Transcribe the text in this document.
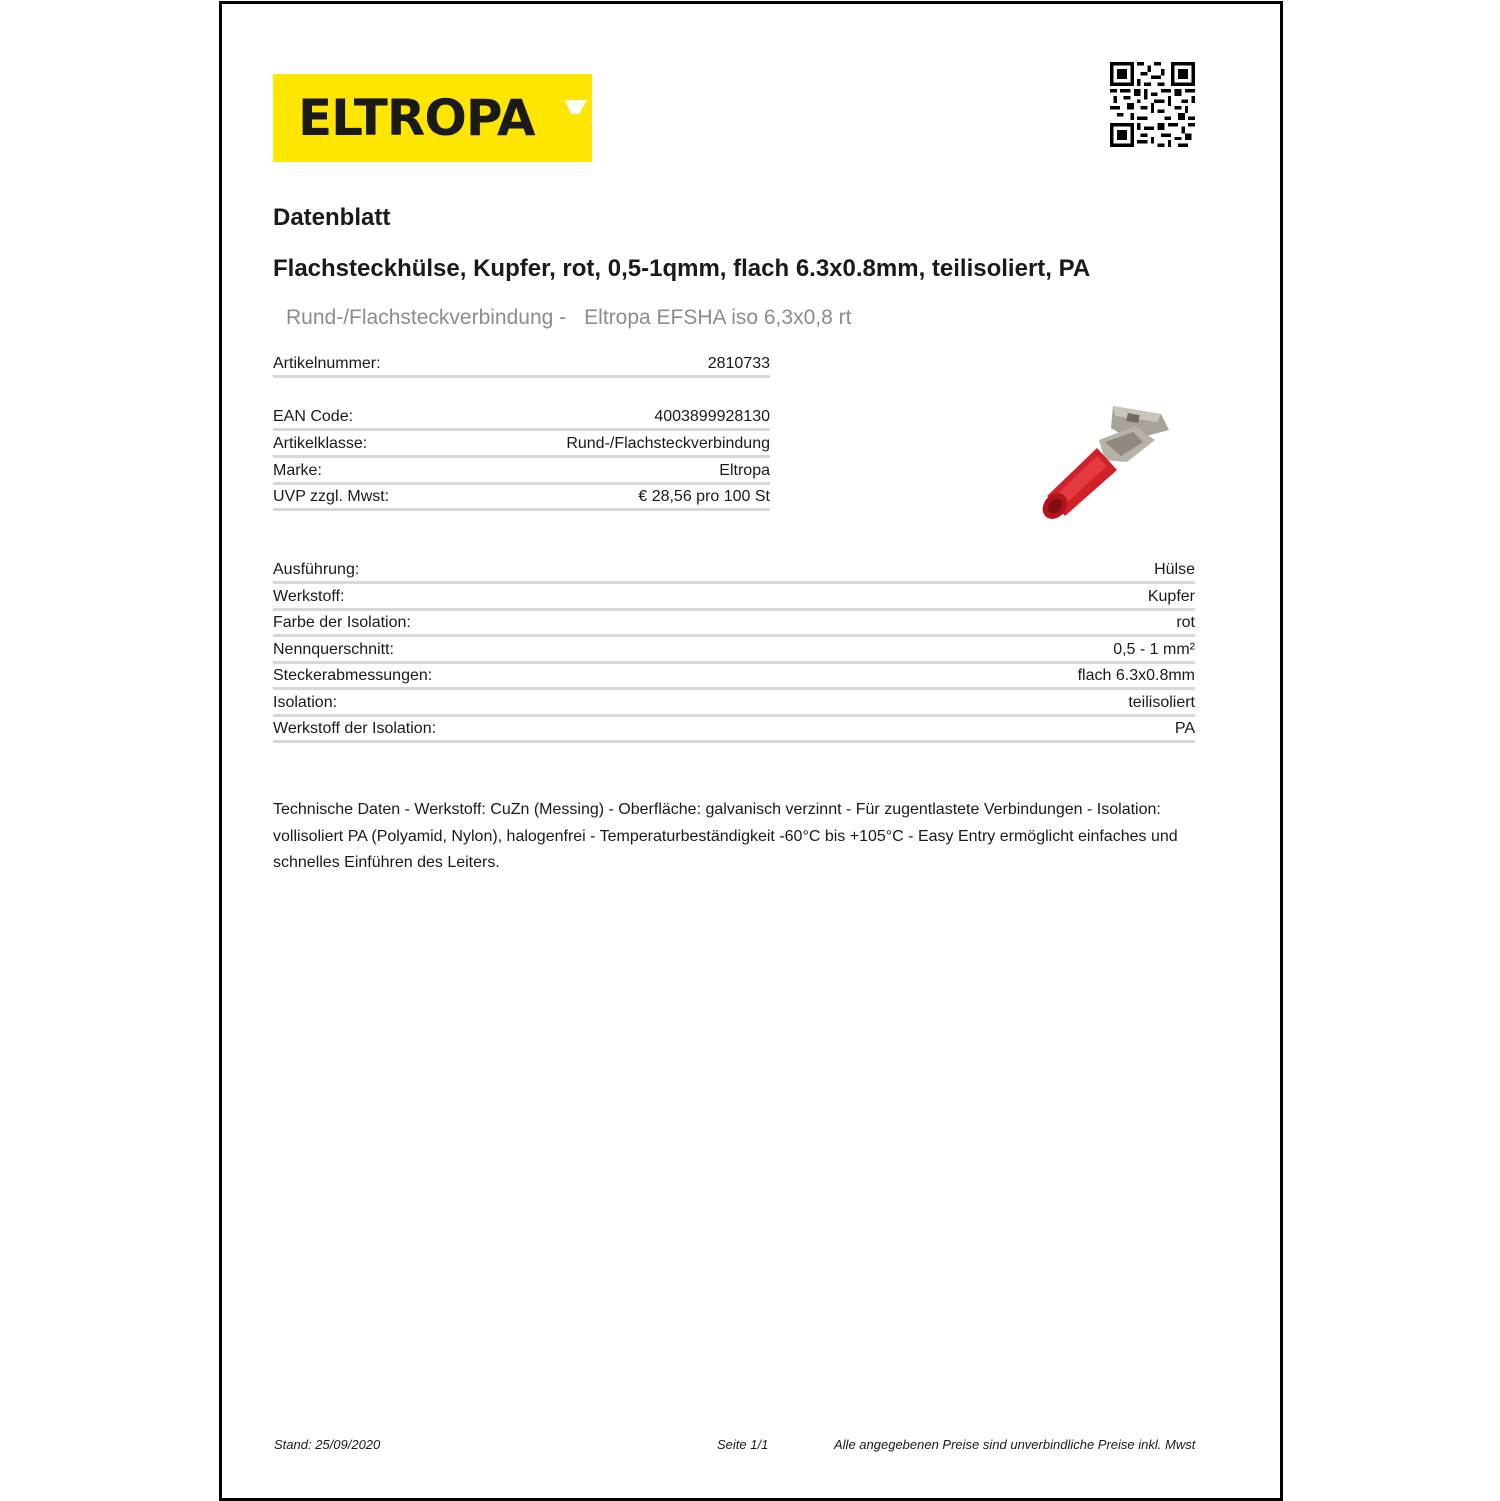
ELTROPA
Datenblatt
Flachsteckhülse, Kupfer, rot, 0,5-1qmm, flach 6.3x0.8mm, teilisoliert, PA
Rund-/Flachsteckverbindung - Eltropa EFSHA iso 6,3x0,8 rt
Artikelnummer:	2810733
EAN Code:	4003899928130
Artikelklasse:	Rund-/Flachsteckverbindung
Marke:	Eltropa
UVP zzgl. Mwst:	€ 28,56 pro 100 St
Ausführung:	Hülse
Werkstoff:	Kupfer
Farbe der Isolation:	rot
Nennquerschnitt:	0,5 - 1 mm²
Steckerabmessungen:	flach 6.3x0.8mm
Isolation:	teilisoliert
Werkstoff der Isolation:	PA
Technische Daten - Werkstoff: CuZn (Messing) - Oberfläche: galvanisch verzinnt - Für zugentlastete Verbindungen - Isolation: vollisoliert PA (Polyamid, Nylon), halogenfrei - Temperaturbeständigkeit -60°C bis +105°C - Easy Entry ermöglicht einfaches und schnelles Einführen des Leiters.
Stand: 25/09/2020	Seite 1/1	Alle angegebenen Preise sind unverbindliche Preise inkl. Mwst
